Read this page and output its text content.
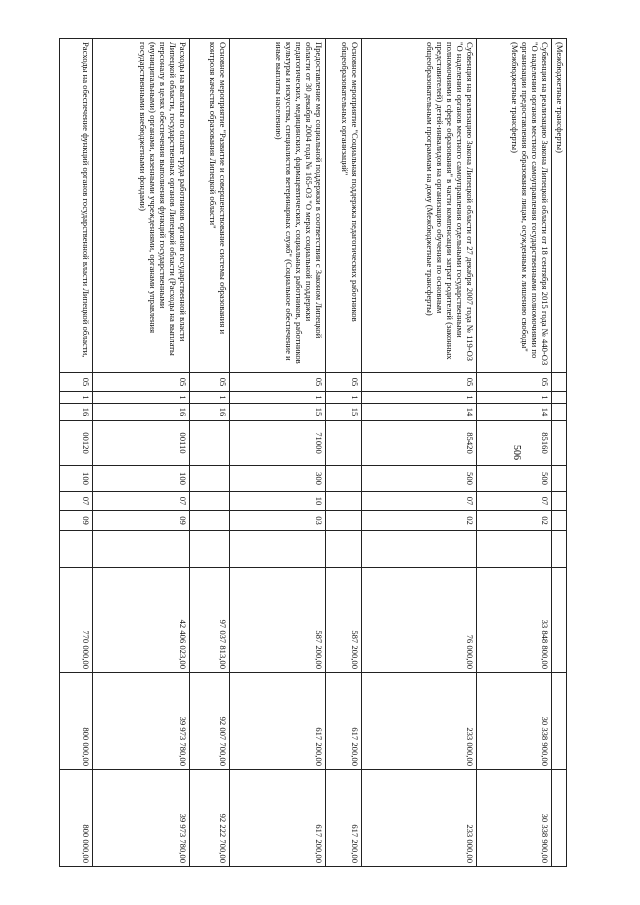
506
(Межбюджетные трансферты)											
Субвенция на реализацию Закона Липецкой области от 18 сентября 2015 года № 440-ОЗ "О наделении органов местного самоуправления государственными полномочиями по организации предоставления образования лицам, осужденным к лишению свободы" (Межбюджетные трансферты)	05	1	14	85160	500	07	02		33 848 800,00	30 338 900,00	30 338 900,00
Субвенция на реализацию Закона Липецкой области от 27 декабря 2007 года № 119-ОЗ "О наделении органов местного самоуправления отдельными государственными полномочиями в сфере образования" в части компенсации затрат родителей (законных представителей) детей-инвалидов на организацию обучения по основным общеобразовательным программам на дому (Межбюджетные трансферты)	05	1	14	85420	500	07	02		76 000,00	233 000,00	233 000,00
Основное мероприятие "Социальная поддержка педагогических работников общеобразовательных организаций"	05	1	15						587 200,00	617 200,00	617 200,00
Предоставление мер социальной поддержки в соответствии с Законом Липецкой области от 30 декабря 2004 года № 165-ОЗ "О мерах социальной поддержки педагогических, медицинских, фармацевтических, социальных работников, работников культуры и искусства, специалистов ветеринарных служб" (Социальное обеспечение и иные выплаты населению)	05	1	15	71000	300	10	03		587 200,00	617 200,00	617 200,00
Основное мероприятие "Развитие и совершенствование системы образования и контроля качества образования Липецкой области"	05	1	16						97 037 813,00	92 007 700,00	92 222 700,00
Расходы на выплаты по оплате труда работников органов государственной власти Липецкой области, государственных органов Липецкой области (Расходы на выплаты персоналу в целях обеспечения выполнения функций государственными (муниципальными) органами, казенными учреждениями, органами управления государственными внебюджетными фондами)	05	1	16	00110	100	07	09		42 406 023,00	39 973 780,00	39 973 780,00
Расходы на обеспечение функций органов государственной власти Липецкой области,	05	1	16	00120	100	07	09		770 000,00	800 000,00	800 000,00
